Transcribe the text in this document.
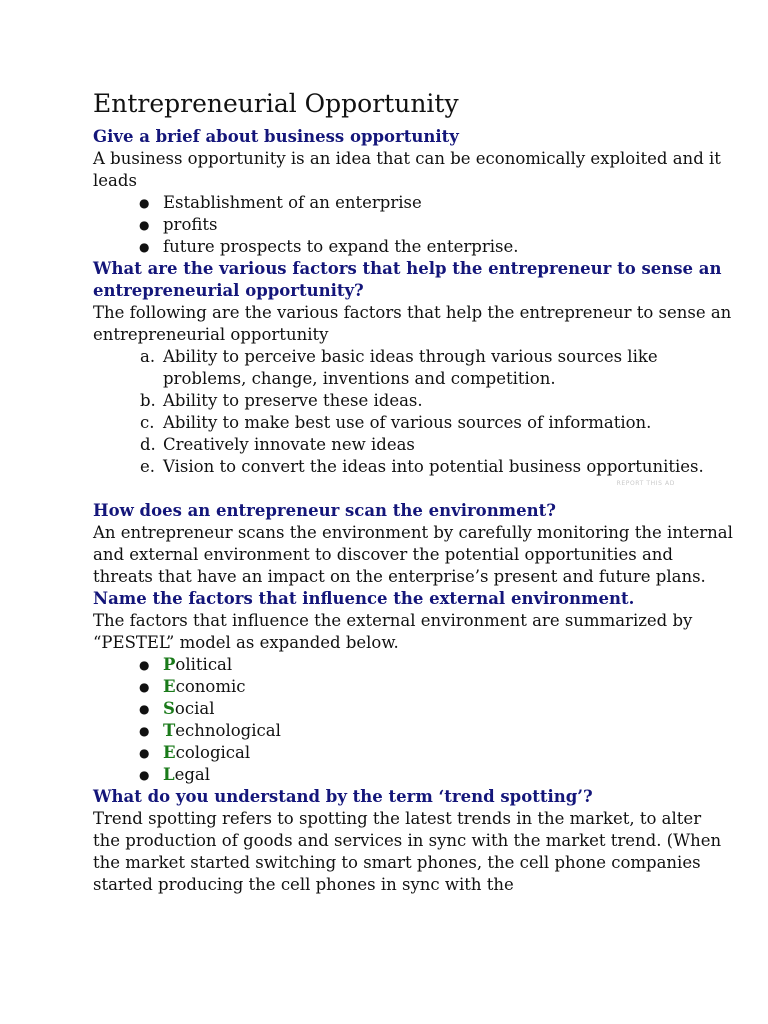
Entrepreneurial Opportunity
Give a brief about business opportunity

A business opportunity is an idea that can be economically exploited and it leads

● Establishment of an enterprise
● profits
● future prospects to expand the enterprise.
What are the various factors that help the entrepreneur to sense an entrepreneurial opportunity?

The following are the various factors that help the entrepreneur to sense an entrepreneurial opportunity

a. Ability to perceive basic ideas through various sources like problems, change, inventions and competition.
b. Ability to preserve these ideas.
c. Ability to make best use of various sources of information.
d. Creatively innovate new ideas
e. Vision to convert the ideas into potential business opportunities.
REPORT THIS AD
How does an entrepreneur scan the environment?

An entrepreneur scans the environment by carefully monitoring the internal and external environment to discover the potential opportunities and threats that have an impact on the enterprise’s present and future plans.

Name the factors that influence the external environment.

The factors that influence the external environment are summarized by “PESTEL” model as expanded below.

● Political
● Economic
● Social
● Technological
● Ecological
● Legal
What do you understand by the term ‘trend spotting’?

Trend spotting refers to spotting the latest trends in the market, to alter the production of goods and services in sync with the market trend. (When the market started switching to smart phones, the cell phone companies started producing the cell phones in sync with the
